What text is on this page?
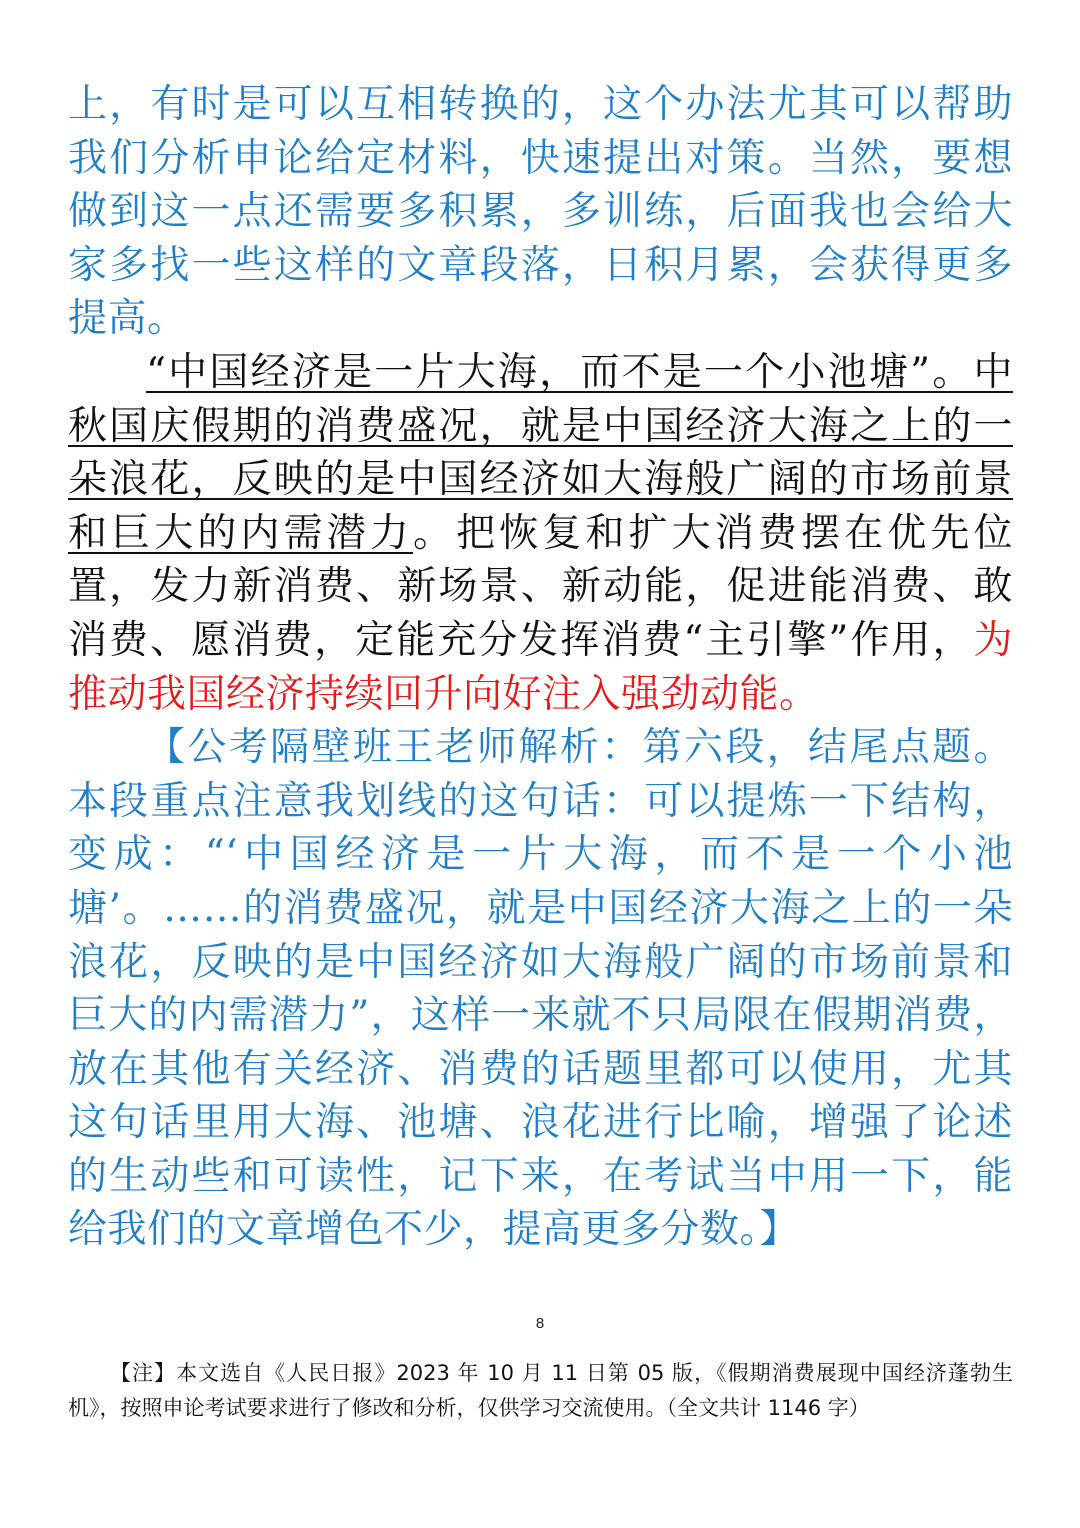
上，有时是可以互相转换的，这个办法尤其可以帮助我们分析申论给定材料，快速提出对策。当然，要想做到这一点还需要多积累，多训练，后面我也会给大家多找一些这样的文章段落，日积月累，会获得更多提高。

“中国经济是一片大海，而不是一个小池塘”。中秋国庆假期的消费盛况，就是中国经济大海之上的一朵浪花，反映的是中国经济如大海般广阔的市场前景和巨大的内需潜力。把恢复和扩大消费摆在优先位置，发力新消费、新场景、新动能，促进能消费、敢消费、愿消费，定能充分发挥消费“主引擎”作用，为推动我国经济持续回升向好注入强劲动能。

【公考隔壁班王老师解析：第六段，结尾点题。本段重点注意我划线的这句话：可以提炼一下结构，变成：“‘中国经济是一片大海，而不是一个小池塘’。……的消费盛况，就是中国经济大海之上的一朵浪花，反映的是中国经济如大海般广阔的市场前景和巨大的内需潜力”，这样一来就不只局限在假期消费，放在其他有关经济、消费的话题里都可以使用，尤其这句话里用大海、池塘、浪花进行比喻，增强了论述的生动些和可读性，记下来，在考试当中用一下，能给我们的文章增色不少，提高更多分数。】

8

【注】本文选自《人民日报》2023 年 10 月 11 日第 05 版，《假期消费展现中国经济蓬勃生机》，按照申论考试要求进行了修改和分析，仅供学习交流使用。（全文共计 1146 字）
